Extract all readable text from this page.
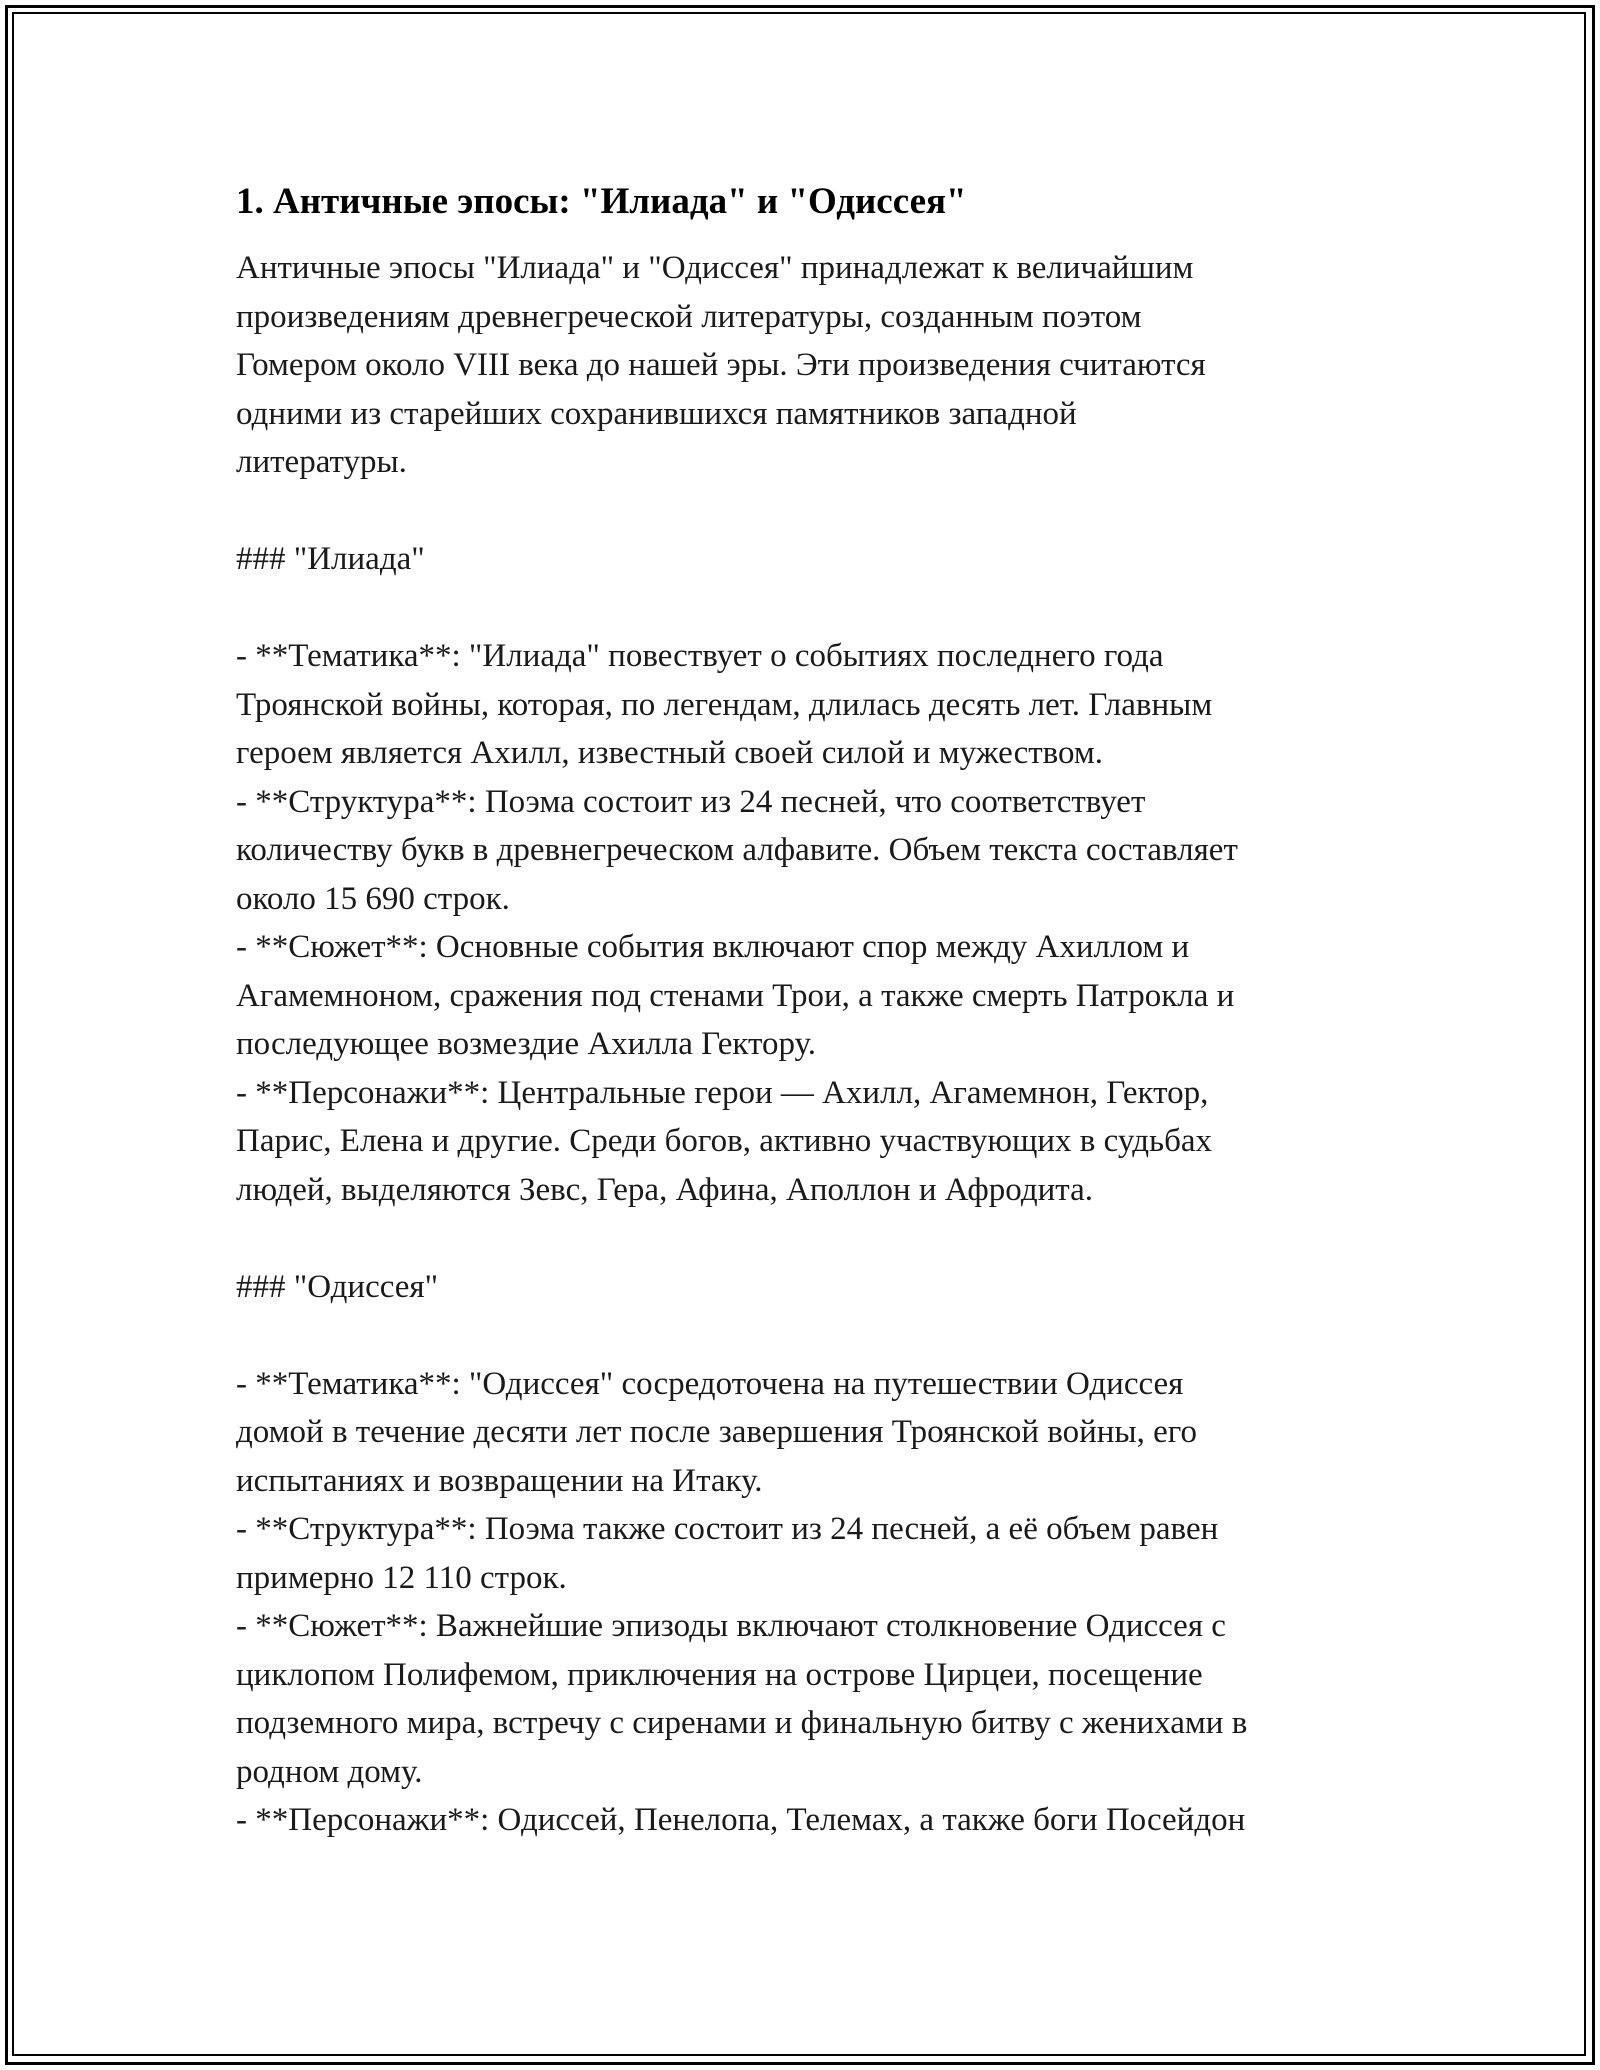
1. Античные эпосы: "Илиада" и "Одиссея"

Античные эпосы "Илиада" и "Одиссея" принадлежат к величайшим
произведениям древнегреческой литературы, созданным поэтом
Гомером около VIII века до нашей эры. Эти произведения считаются
одними из старейших сохранившихся памятников западной
литературы.

### "Илиада"

- **Тематика**: "Илиада" повествует о событиях последнего года
Троянской войны, которая, по легендам, длилась десять лет. Главным
героем является Ахилл, известный своей силой и мужеством.

- **Структура**: Поэма состоит из 24 песней, что соответствует
количеству букв в древнегреческом алфавите. Объем текста составляет
около 15 690 строк.

- **Сюжет**: Основные события включают спор между Ахиллом и
Агамемноном, сражения под стенами Трои, а также смерть Патрокла и
последующее возмездие Ахилла Гектору.

- **Персонажи**: Центральные герои — Ахилл, Агамемнон, Гектор,
Парис, Елена и другие. Среди богов, активно участвующих в судьбах
людей, выделяются Зевс, Гера, Афина, Аполлон и Афродита.

### "Одиссея"

- **Тематика**: "Одиссея" сосредоточена на путешествии Одиссея
домой в течение десяти лет после завершения Троянской войны, его
испытаниях и возвращении на Итаку.

- **Структура**: Поэма также состоит из 24 песней, а её объем равен
примерно 12 110 строк.

- **Сюжет**: Важнейшие эпизоды включают столкновение Одиссея с
циклопом Полифемом, приключения на острове Цирцеи, посещение
подземного мира, встречу с сиренами и финальную битву с женихами в
родном дому.

- **Персонажи**: Одиссей, Пенелопа, Телемах, а также боги Посейдон
